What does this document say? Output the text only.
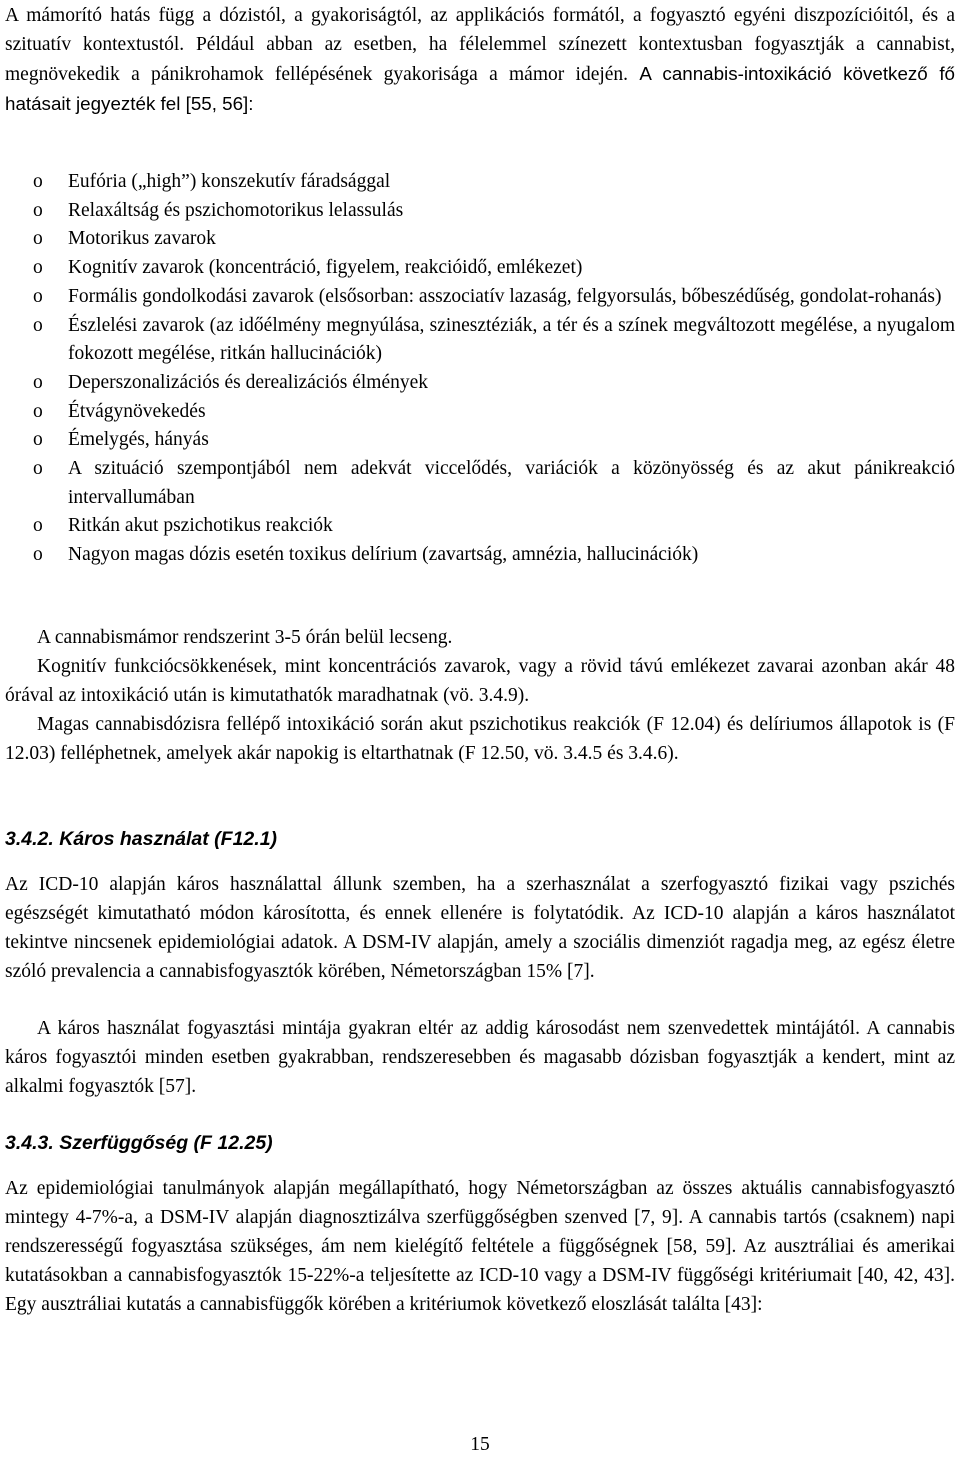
A mámorító hatás függ a dózistól, a gyakoriságtól, az applikációs formától, a fogyasztó egyéni diszpozícióitól, és a szituatív kontextustól. Például abban az esetben, ha félelemmel színezett kontextusban fogyasztják a cannabist, megnövekedik a pánikrohamok fellépésének gyakorisága a mámor idején. A cannabis-intoxikáció következő fő hatásait jegyezték fel [55, 56]:

o Eufória („high”) konszekutív fáradsággal
o Relaxáltság és pszichomotorikus lelassulás
o Motorikus zavarok
o Kognitív zavarok (koncentráció, figyelem, reakcióidő, emlékezet)
o Formális gondolkodási zavarok (elsősorban: asszociatív lazaság, felgyorsulás, bőbeszédűség, gondolat-rohanás)
o Észlelési zavarok (az időélmény megnyúlása, szinesztéziák, a tér és a színek megváltozott megélése, a nyugalom fokozott megélése, ritkán hallucinációk)
o Deperszonalizációs és derealizációs élmények
o Étvágynövekedés
o Émelygés, hányás
o A szituáció szempontjából nem adekvát viccelődés, variációk a közönyösség és az akut pánikreakció intervallumában
o Ritkán akut pszichotikus reakciók
o Nagyon magas dózis esetén toxikus delírium (zavartság, amnézia, hallucinációk)

A cannabismámor rendszerint 3-5 órán belül lecseng.

Kognitív funkciócsökkenések, mint koncentrációs zavarok, vagy a rövid távú emlékezet zavarai azonban akár 48 órával az intoxikáció után is kimutathatók maradhatnak (vö. 3.4.9).

Magas cannabisdózisra fellépő intoxikáció során akut pszichotikus reakciók (F 12.04) és delíriumos állapotok is (F 12.03) felléphetnek, amelyek akár napokig is eltarthatnak (F 12.50, vö. 3.4.5 és 3.4.6).

3.4.2. Káros használat (F12.1)

Az ICD-10 alapján káros használattal állunk szemben, ha a szerhasználat a szerfogyasztó fizikai vagy pszichés egészségét kimutatható módon károsította, és ennek ellenére is folytatódik. Az ICD-10 alapján a káros használatot tekintve nincsenek epidemiológiai adatok. A DSM-IV alapján, amely a szociális dimenziót ragadja meg, az egész életre szóló prevalencia a cannabisfogyasztók körében, Németországban 15% [7].

A káros használat fogyasztási mintája gyakran eltér az addig károsodást nem szenvedettek mintájától. A cannabis káros fogyasztói minden esetben gyakrabban, rendszeresebben és magasabb dózisban fogyasztják a kendert, mint az alkalmi fogyasztók [57].

3.4.3. Szerfüggőség (F 12.25)

Az epidemiológiai tanulmányok alapján megállapítható, hogy Németországban az összes aktuális cannabisfogyasztó mintegy 4-7%-a, a DSM-IV alapján diagnosztizálva szerfüggőségben szenved [7, 9]. A cannabis tartós (csaknem) napi rendszerességű fogyasztása szükséges, ám nem kielégítő feltétele a függőségnek [58, 59]. Az ausztráliai és amerikai kutatásokban a cannabisfogyasztók 15-22%-a teljesítette az ICD-10 vagy a DSM-IV függőségi kritériumait [40, 42, 43]. Egy ausztráliai kutatás a cannabisfüggők körében a kritériumok következő eloszlását találta [43]:

15
